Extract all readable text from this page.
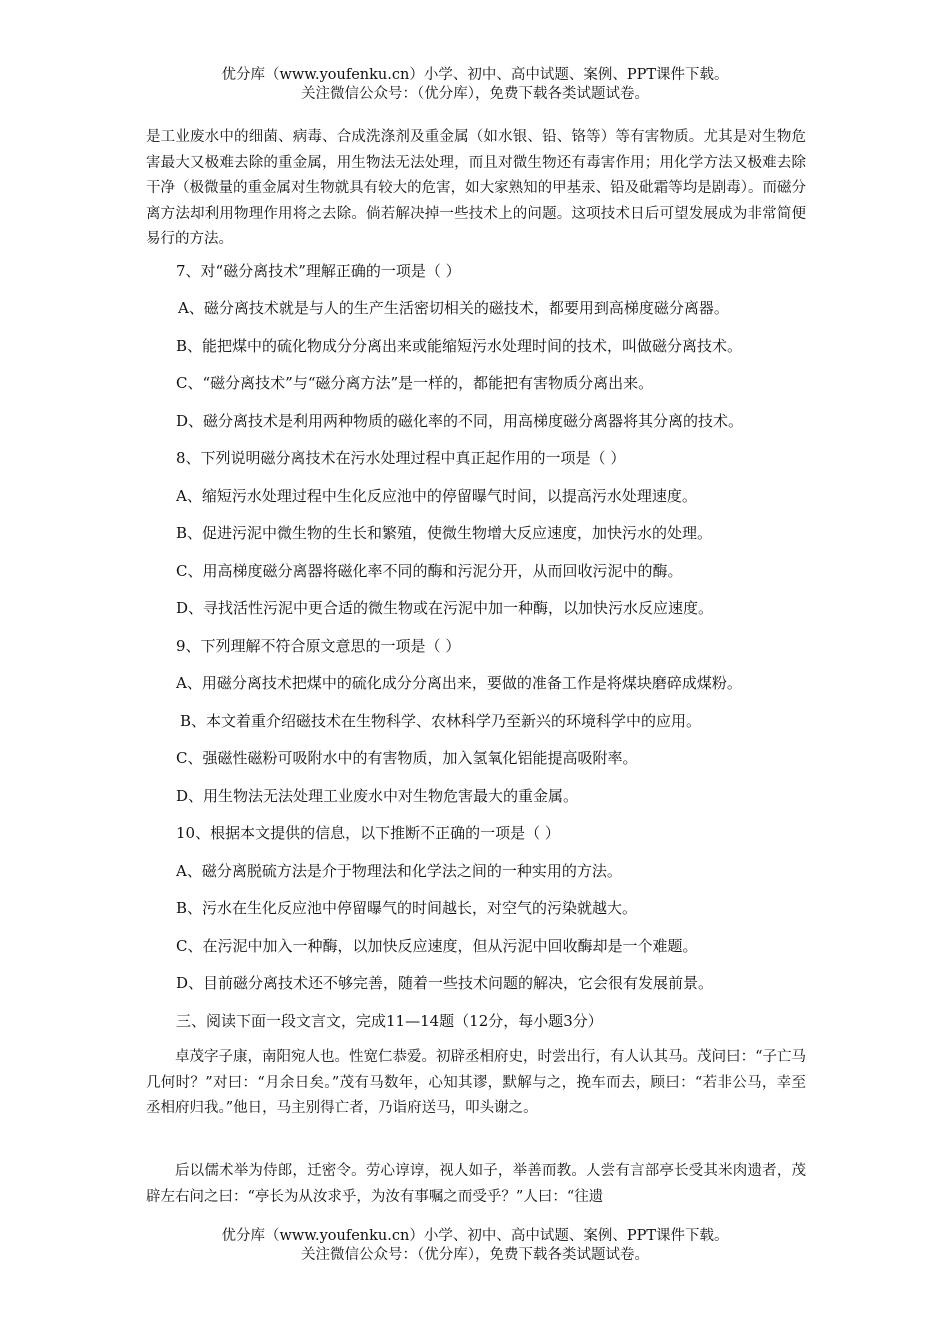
优分库（www.youfenku.cn）小学、初中、高中试题、案例、PPT课件下载。
关注微信公众号：（优分库），免费下载各类试题试卷。
是工业废水中的细菌、病毒、合成洗涤剂及重金属（如水银、铅、铬等）等有害物质。尤其是对生物危害最大又极难去除的重金属，用生物法无法处理，而且对微生物还有毒害作用；用化学方法又极难去除干净（极微量的重金属对生物就具有较大的危害，如大家熟知的甲基汞、铅及砒霜等均是剧毒）。而磁分离方法却利用物理作用将之去除。倘若解决掉一些技术上的问题。这项技术日后可望发展成为非常简便易行的方法。
7、对“磁分离技术”理解正确的一项是（ ）
A、磁分离技术就是与人的生产生活密切相关的磁技术，都要用到高梯度磁分离器。
B、能把煤中的硫化物成分分离出来或能缩短污水处理时间的技术，叫做磁分离技术。
C、“磁分离技术”与“磁分离方法”是一样的，都能把有害物质分离出来。
D、磁分离技术是利用两种物质的磁化率的不同，用高梯度磁分离器将其分离的技术。
8、下列说明磁分离技术在污水处理过程中真正起作用的一项是（ ）
A、缩短污水处理过程中生化反应池中的停留曝气时间，以提高污水处理速度。
B、促进污泥中微生物的生长和繁殖，使微生物增大反应速度，加快污水的处理。
C、用高梯度磁分离器将磁化率不同的酶和污泥分开，从而回收污泥中的酶。
D、寻找活性污泥中更合适的微生物或在污泥中加一种酶，以加快污水反应速度。
9、下列理解不符合原文意思的一项是（ ）
A、用磁分离技术把煤中的硫化成分分离出来，要做的准备工作是将煤块磨碎成煤粉。
B、本文着重介绍磁技术在生物科学、农林科学乃至新兴的环境科学中的应用。
C、强磁性磁粉可吸附水中的有害物质，加入氢氧化铝能提高吸附率。
D、用生物法无法处理工业废水中对生物危害最大的重金属。
10、根据本文提供的信息，以下推断不正确的一项是（ ）
A、磁分离脱硫方法是介于物理法和化学法之间的一种实用的方法。
B、污水在生化反应池中停留曝气的时间越长，对空气的污染就越大。
C、在污泥中加入一种酶，以加快反应速度，但从污泥中回收酶却是一个难题。
D、目前磁分离技术还不够完善，随着一些技术问题的解决，它会很有发展前景。
三、阅读下面一段文言文，完成11—14题（12分，每小题3分）
卓茂字子康，南阳宛人也。性宽仁恭爱。初辟丞相府史，时尝出行，有人认其马。茂问曰：“子亡马几何时？”对曰：“月余日矣。”茂有马数年，心知其谬，默解与之，挽车而去，顾曰：“若非公马，幸至丞相府归我。”他日，马主别得亡者，乃诣府送马，叩头谢之。
后以儒术举为侍郎，迁密令。劳心谆谆，视人如子，举善而教。人尝有言部亭长受其米肉遗者，茂辟左右问之曰：“亭长为从汝求乎，为汝有事嘱之而受乎？”人曰：“往遗
优分库（www.youfenku.cn）小学、初中、高中试题、案例、PPT课件下载。
关注微信公众号：（优分库），免费下载各类试题试卷。
